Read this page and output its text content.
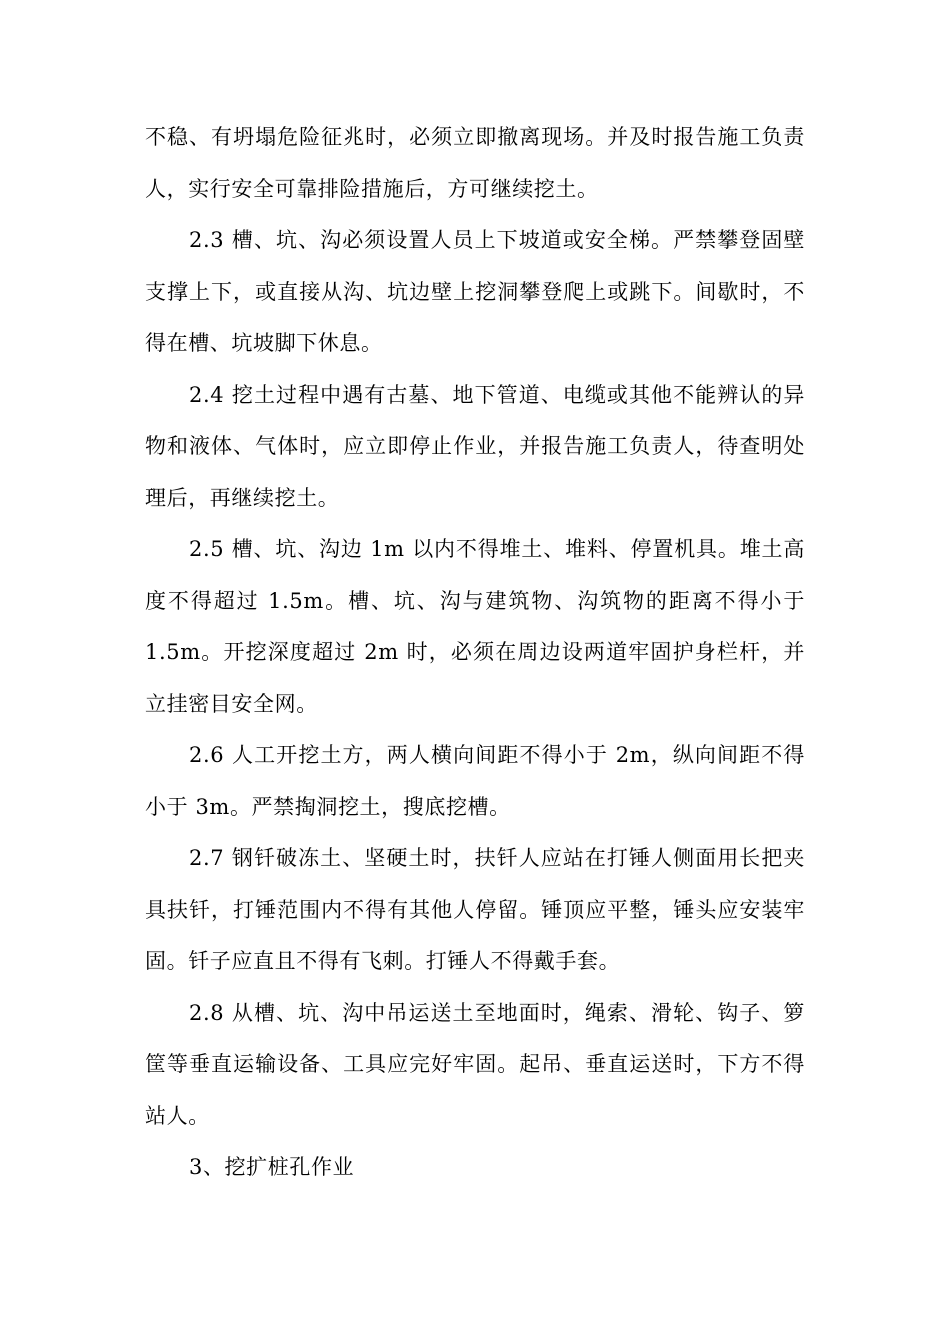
不稳、有坍塌危险征兆时，必须立即撤离现场。并及时报告施工负责人，实行安全可靠排险措施后，方可继续挖土。

2.3 槽、坑、沟必须设置人员上下坡道或安全梯。严禁攀登固壁支撑上下，或直接从沟、坑边壁上挖洞攀登爬上或跳下。间歇时，不得在槽、坑坡脚下休息。

2.4 挖土过程中遇有古墓、地下管道、电缆或其他不能辨认的异物和液体、气体时，应立即停止作业，并报告施工负责人，待查明处理后，再继续挖土。

2.5 槽、坑、沟边 1m 以内不得堆土、堆料、停置机具。堆土高度不得超过 1.5m。槽、坑、沟与建筑物、沟筑物的距离不得小于1.5m。开挖深度超过 2m 时，必须在周边设两道牢固护身栏杆，并立挂密目安全网。

2.6 人工开挖土方，两人横向间距不得小于 2m，纵向间距不得小于 3m。严禁掏洞挖土，搜底挖槽。

2.7 钢钎破冻土、坚硬土时，扶钎人应站在打锤人侧面用长把夹具扶钎，打锤范围内不得有其他人停留。锤顶应平整，锤头应安装牢固。钎子应直且不得有飞刺。打锤人不得戴手套。

2.8 从槽、坑、沟中吊运送土至地面时，绳索、滑轮、钩子、箩筐等垂直运输设备、工具应完好牢固。起吊、垂直运送时，下方不得站人。

3、挖扩桩孔作业
